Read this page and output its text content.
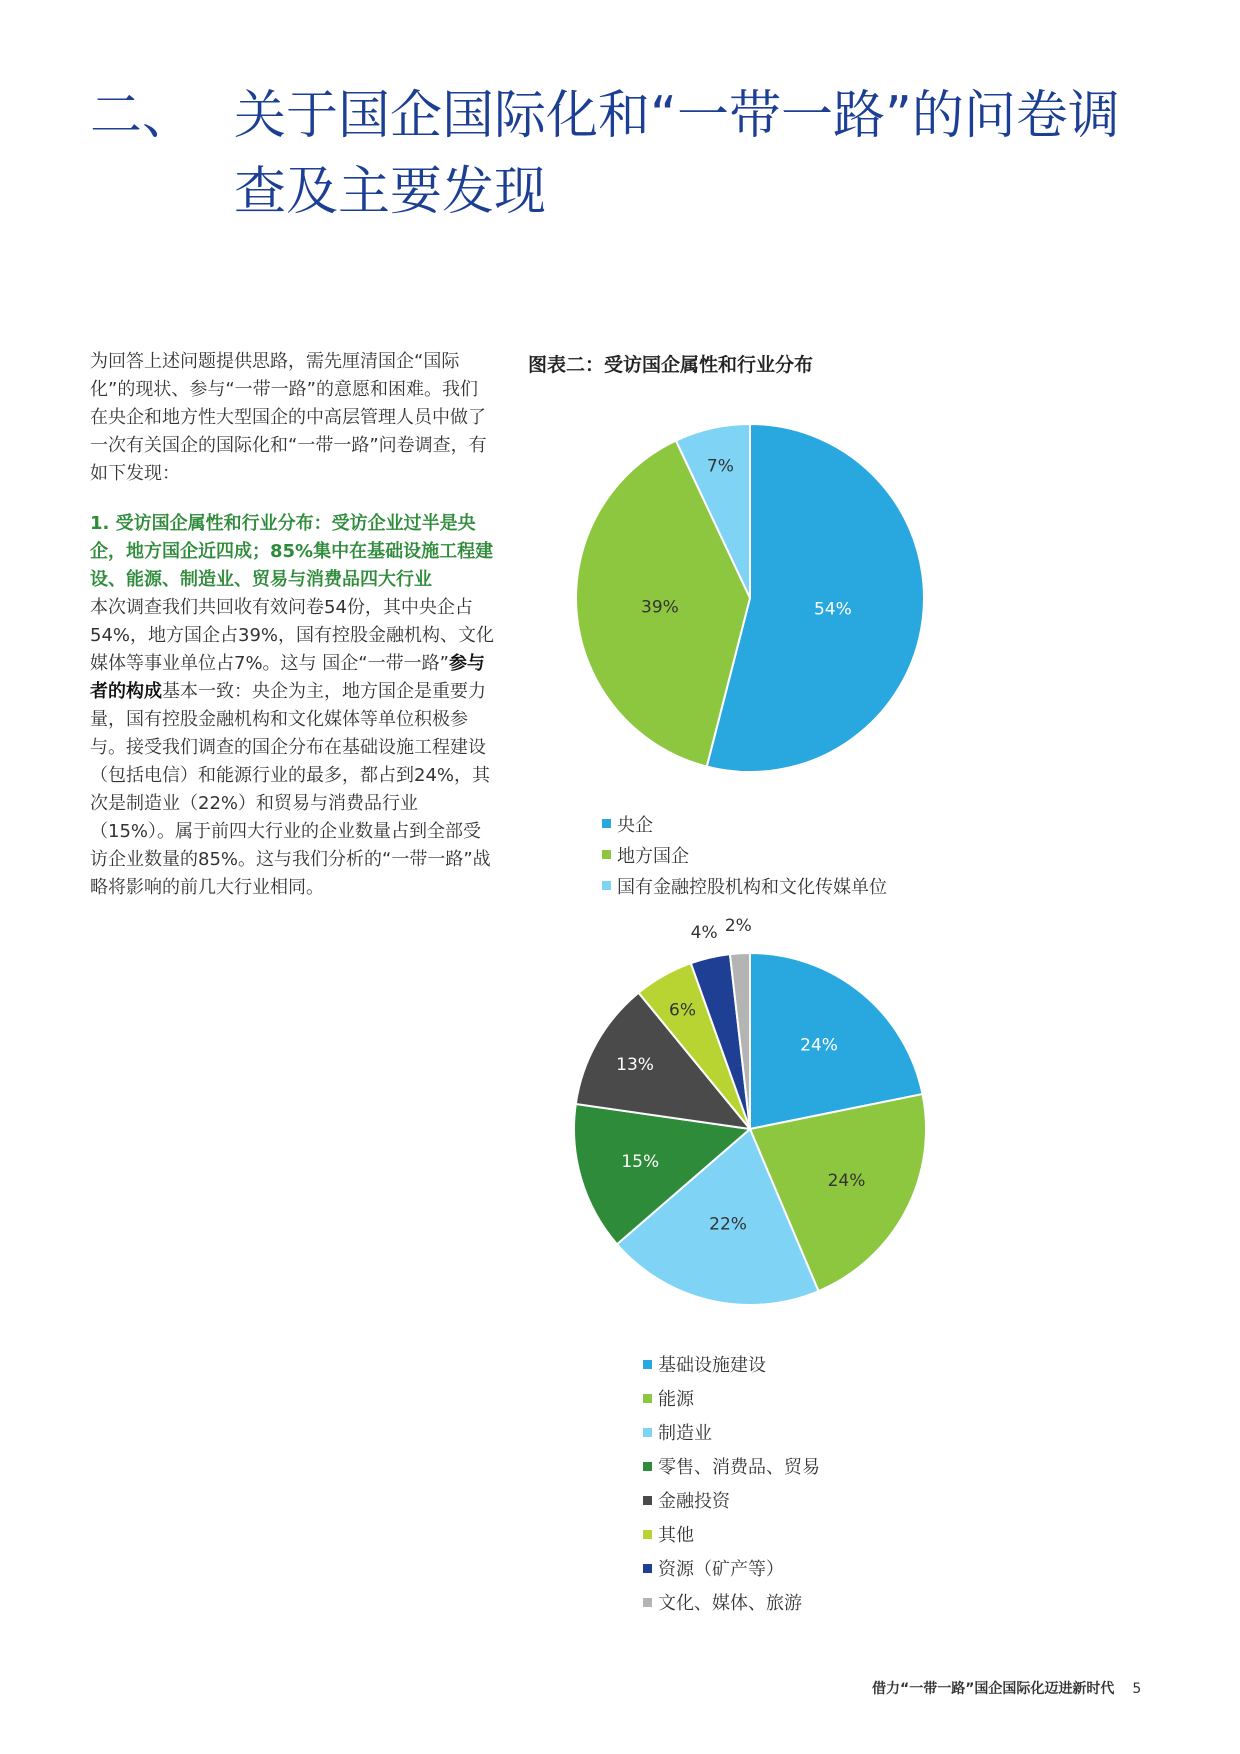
二、 关于国企国际化和“一带一路”的问卷调查及主要发现

为回答上述问题提供思路，需先厘清国企“国际化”的现状、参与“一带一路”的意愿和困难。我们在央企和地方性大型国企的中高层管理人员中做了一次有关国企的国际化和“一带一路”问卷调查，有如下发现：

1. 受访国企属性和行业分布：受访企业过半是央企，地方国企近四成；85%集中在基础设施工程建设、能源、制造业、贸易与消费品四大行业

本次调查我们共回收有效问卷54份，其中央企占54%，地方国企占39%，国有控股金融机构、文化媒体等事业单位占7%。这与 国企“一带一路”参与者的构成基本一致：央企为主，地方国企是重要力量，国有控股金融机构和文化媒体等单位积极参与。接受我们调查的国企分布在基础设施工程建设（包括电信）和能源行业的最多，都占到24%，其次是制造业（22%）和贸易与消费品行业（15%）。属于前四大行业的企业数量占到全部受访企业数量的85%。这与我们分析的“一带一路”战略将影响的前几大行业相同。

图表二：受访国企属性和行业分布
54%
39%
7%
24%
24%
22%
15%
13%
6%
4% 2%
央企
地方国企
国有金融控股机构和文化传媒单位
基础设施建设
能源
制造业
零售、消费品、贸易
金融投资
其他
资源（矿产等）
文化、媒体、旅游
借力“一带一路”国企国际化迈进新时代 5
